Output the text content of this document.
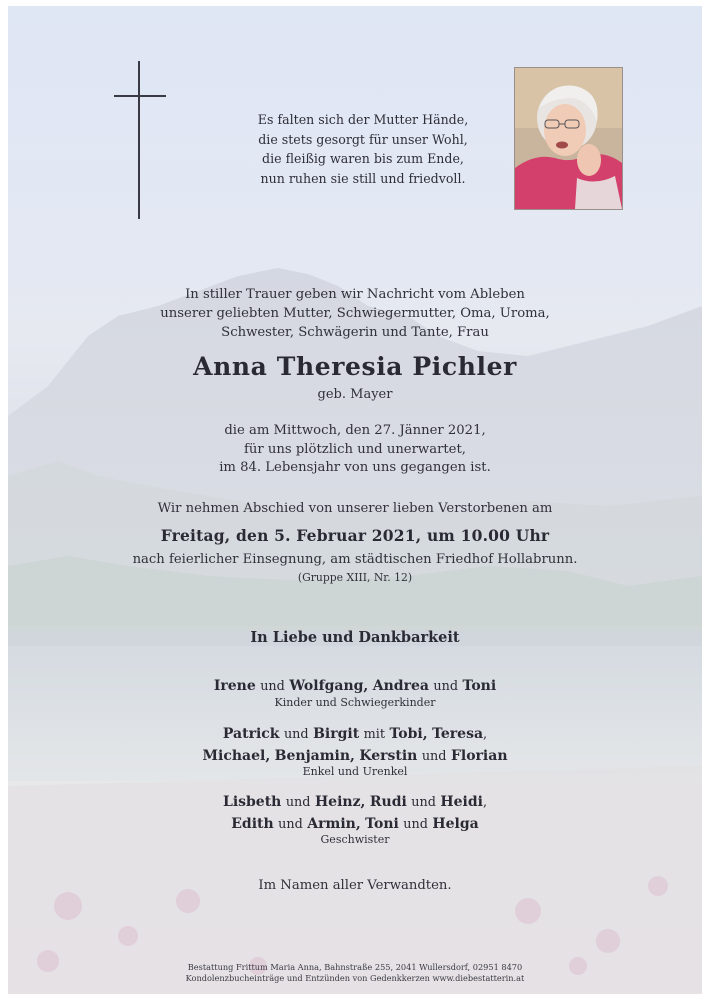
Es falten sich der Mutter Hände,
die stets gesorgt für unser Wohl,
die fleißig waren bis zum Ende,
nun ruhen sie still und friedvoll.
In stiller Trauer geben wir Nachricht vom Ableben
unserer geliebten Mutter, Schwiegermutter, Oma, Uroma,
Schwester, Schwägerin und Tante, Frau
Anna Theresia Pichler
geb. Mayer
die am Mittwoch, den 27. Jänner 2021,
für uns plötzlich und unerwartet,
im 84. Lebensjahr von uns gegangen ist.
Wir nehmen Abschied von unserer lieben Verstorbenen am
Freitag, den 5. Februar 2021, um 10.00 Uhr
nach feierlicher Einsegnung, am städtischen Friedhof Hollabrunn.
(Gruppe XIII, Nr. 12)
In Liebe und Dankbarkeit
Irene und Wolfgang, Andrea und Toni
Kinder und Schwiegerkinder
Patrick und Birgit mit Tobi, Teresa,
Michael, Benjamin, Kerstin und Florian
Enkel und Urenkel
Lisbeth und Heinz, Rudi und Heidi,
Edith und Armin, Toni und Helga
Geschwister
Im Namen aller Verwandten.
Bestattung Frittum Maria Anna, Bahnstraße 255, 2041 Wullersdorf, 02951 8470
Kondolenzbucheinträge und Entzünden von Gedenkkerzen www.diebestatterin.at
